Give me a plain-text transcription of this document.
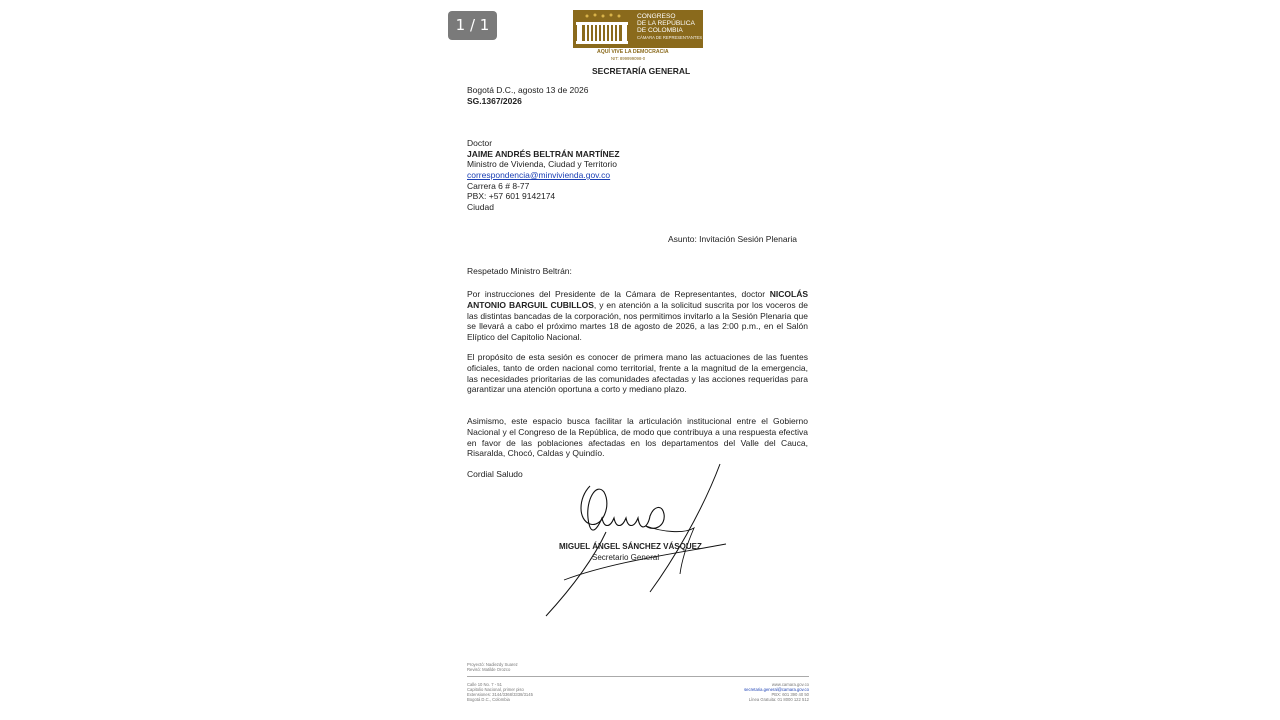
1 / 1	CONGRESO
DE LA REPÚBLICA
DE COLOMBIA
CÁMARA DE REPRESENTANTES
AQUÍ VIVE LA DEMOCRACIA
NIT: 899999098-0
SECRETARÍA GENERAL
Bogotá D.C., agosto 13 de 2026
SG.1367/2026
Doctor
JAIME ANDRÉS BELTRÁN MARTÍNEZ
Ministro de Vivienda, Ciudad y Territorio
correspondencia@minvivienda.gov.co
Carrera 6 # 8-77
PBX: +57 601 9142174
Ciudad
Asunto: Invitación Sesión Plenaria
Respetado Ministro Beltrán:

Por instrucciones del Presidente de la Cámara de Representantes, doctor NICOLÁS ANTONIO BARGUIL CUBILLOS, y en atención a la solicitud suscrita por los voceros de las distintas bancadas de la corporación, nos permitimos invitarlo a la Sesión Plenaria que se llevará a cabo el próximo martes 18 de agosto de 2026, a las 2:00 p.m., en el Salón Elíptico del Capitolio Nacional.

El propósito de esta sesión es conocer de primera mano las actuaciones de las fuentes oficiales, tanto de orden nacional como territorial, frente a la magnitud de la emergencia, las necesidades prioritarias de las comunidades afectadas y las acciones requeridas para garantizar una atención oportuna a corto y mediano plazo.

Asimismo, este espacio busca facilitar la articulación institucional entre el Gobierno Nacional y el Congreso de la República, de modo que contribuya a una respuesta efectiva en favor de las poblaciones afectadas en los departamentos del Valle del Cauca, Risaralda, Chocó, Caldas y Quindío.

Cordial Saludo
MIGUEL ÁNGEL SÁNCHEZ VÁSQUEZ
Secretario General
Proyectó: Nadiezdy Suarez
Revisó: Matilde Orozco
Calle 10 No. 7 - 51
Capitolio Nacional, primer piso
Extensiones: 3144/3368/3338/3145
Bogotá D.C., Colombia
www.camara.gov.co
secretaria.general@camara.gov.co
PBX: 601 390 40 50
Línea Gratuita: 01 8000 122 512
